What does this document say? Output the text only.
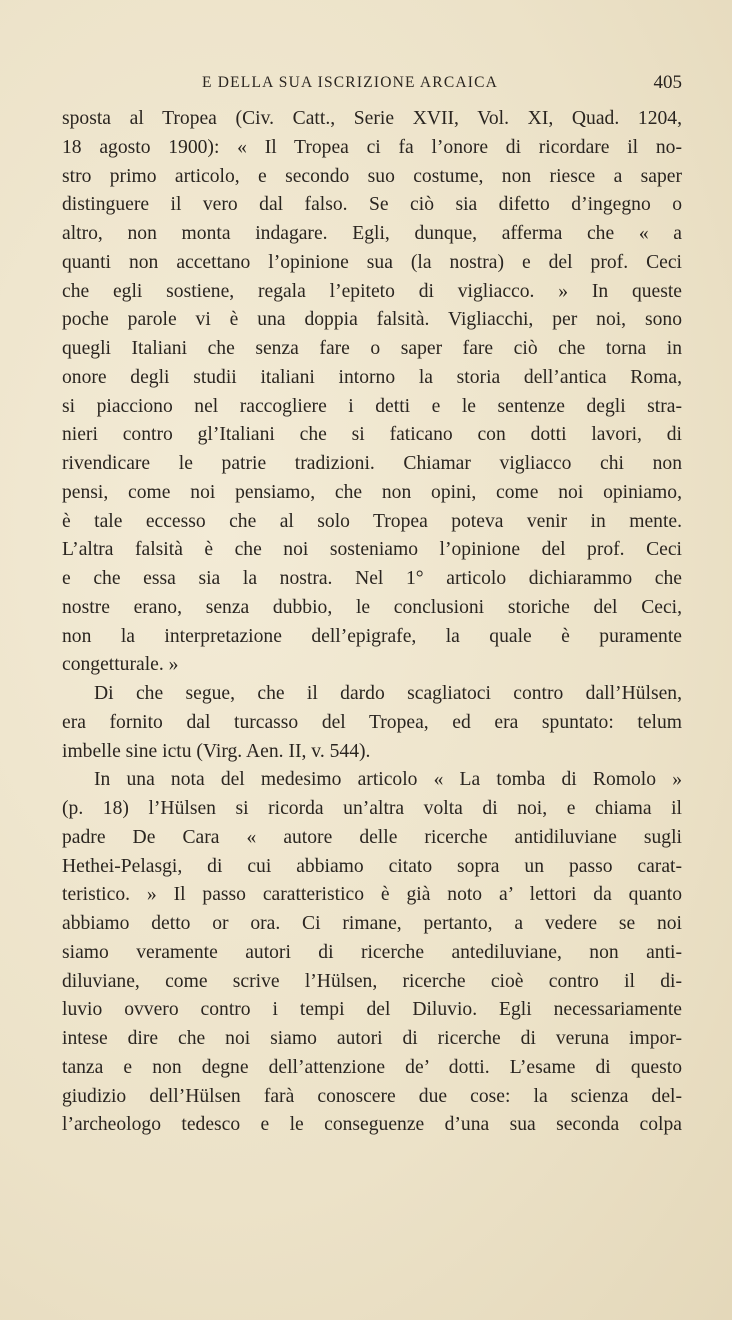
E DELLA SUA ISCRIZIONE ARCAICA	405
sposta al Tropea (Civ. Catt., Serie XVII, Vol. XI, Quad. 1204,
18 agosto 1900): « Il Tropea ci fa l’onore di ricordare il no-
stro primo articolo, e secondo suo costume, non riesce a saper
distinguere il vero dal falso. Se ciò sia difetto d’ingegno o
altro, non monta indagare. Egli, dunque, afferma che « a
quanti non accettano l’opinione sua (la nostra) e del prof. Ceci
che egli sostiene, regala l’epiteto di vigliacco. » In queste
poche parole vi è una doppia falsità. Vigliacchi, per noi, sono
quegli Italiani che senza fare o saper fare ciò che torna in
onore degli studii italiani intorno la storia dell’antica Roma,
si piacciono nel raccogliere i detti e le sentenze degli stra-
nieri contro gl’Italiani che si faticano con dotti lavori, di
rivendicare le patrie tradizioni. Chiamar vigliacco chi non
pensi, come noi pensiamo, che non opini, come noi opiniamo,
è tale eccesso che al solo Tropea poteva venir in mente.
L’altra falsità è che noi sosteniamo l’opinione del prof. Ceci
e che essa sia la nostra. Nel 1° articolo dichiarammo che
nostre erano, senza dubbio, le conclusioni storiche del Ceci,
non la interpretazione dell’epigrafe, la quale è puramente
congetturale. »
Di che segue, che il dardo scagliatoci contro dall’Hülsen,
era fornito dal turcasso del Tropea, ed era spuntato: telum
imbelle sine ictu (Virg. Aen. II, v. 544).
In una nota del medesimo articolo « La tomba di Romolo »
(p. 18) l’Hülsen si ricorda un’altra volta di noi, e chiama il
padre De Cara « autore delle ricerche antidiluviane sugli
Hethei-Pelasgi, di cui abbiamo citato sopra un passo carat-
teristico. » Il passo caratteristico è già noto a’ lettori da quanto
abbiamo detto or ora. Ci rimane, pertanto, a vedere se noi
siamo veramente autori di ricerche antediluviane, non anti-
diluviane, come scrive l’Hülsen, ricerche cioè contro il di-
luvio ovvero contro i tempi del Diluvio. Egli necessariamente
intese dire che noi siamo autori di ricerche di veruna impor-
tanza e non degne dell’attenzione de’ dotti. L’esame di questo
giudizio dell’Hülsen farà conoscere due cose: la scienza del-
l’archeologo tedesco e le conseguenze d’una sua seconda colpa
